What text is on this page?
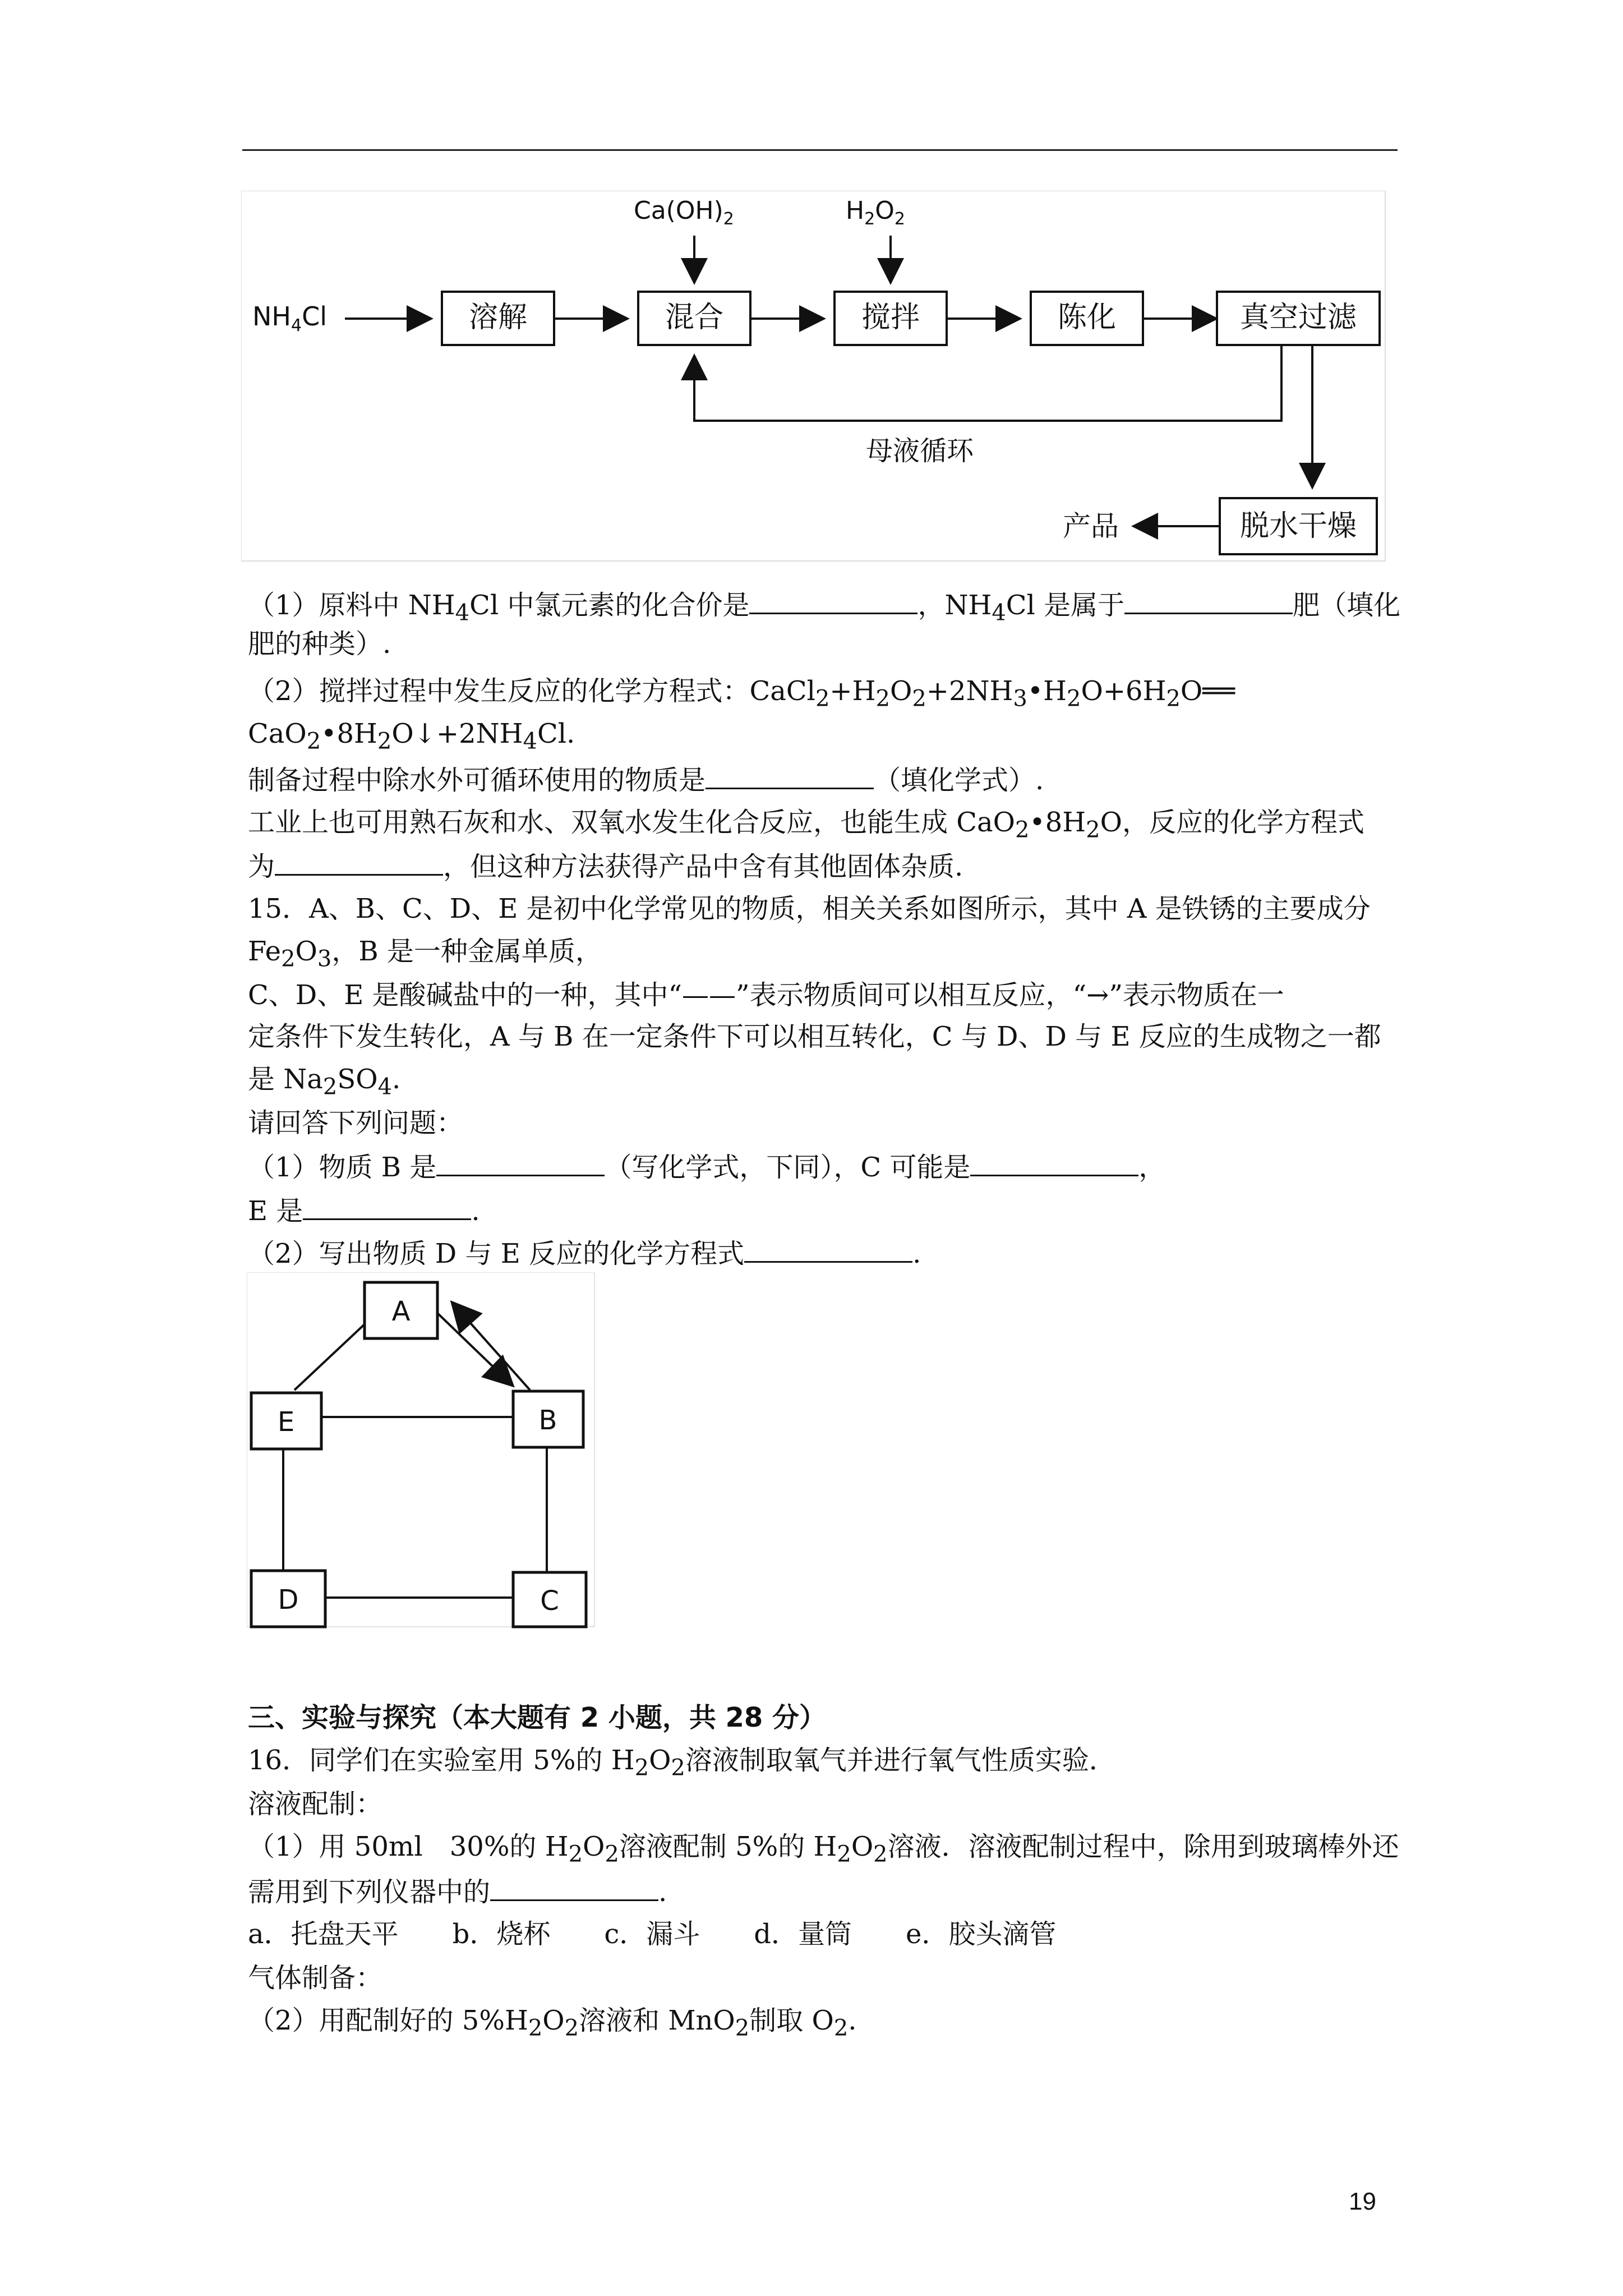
$NH_4Cl$	溶解	混合
$Ca(OH)_2$
搅拌
$H_2O_2$
陈化	真空过滤
母液循环
脱水干燥
产品
（1）原料中 $NH_4Cl$ 中氯元素的化合价是	，$NH_4Cl$ 是属于	肥（填化
肥的种类）.
（2）搅拌过程中发生反应的化学方程式：$CaCl_2+H_2O_2+2NH_3•H_2O+6H_2O══$
$CaO_2•8H_2O↓+2NH_4Cl$.
制备过程中除水外可循环使用的物质是	（填化学式）.
工业上也可用熟石灰和水、双氧水发生化合反应，也能生成 $CaO_2•8H_2O$，反应的化学方程式
为	，但这种方法获得产品中含有其他固体杂质.
15．A、B、C、D、E 是初中化学常见的物质，相关关系如图所示，其中 A 是铁锈的主要成分
$Fe_2O_3$，B 是一种金属单质，
C、D、E 是酸碱盐中的一种，其中“——”表示物质间可以相互反应，“→”表示物质在一
定条件下发生转化，A 与 B 在一定条件下可以相互转化，C 与 D、D 与 E 反应的生成物之一都
是 $Na_2SO_4$.
请回答下列问题：
（1）物质 B 是	（写化学式，下同），C 可能是	，
E 是	.
（2）写出物质 D 与 E 反应的化学方程式	.
A
B
E
D	C
三、实验与探究（本大题有 2 小题，共 28 分）
16．同学们在实验室用 5%的 $H_2O_2$溶液制取氧气并进行氧气性质实验．
溶液配制：
（1）用 50ml　30%的 $H_2O_2$溶液配制 5%的 $H_2O_2$溶液．溶液配制过程中，除用到玻璃棒外还
需用到下列仪器中的	.
a．托盘天平　　b．烧杯　　c．漏斗　　d．量筒　　e．胶头滴管
气体制备：
（2）用配制好的 $5\%H_2O_2$溶液和 MnO$_2$制取 $O_2$.
19
